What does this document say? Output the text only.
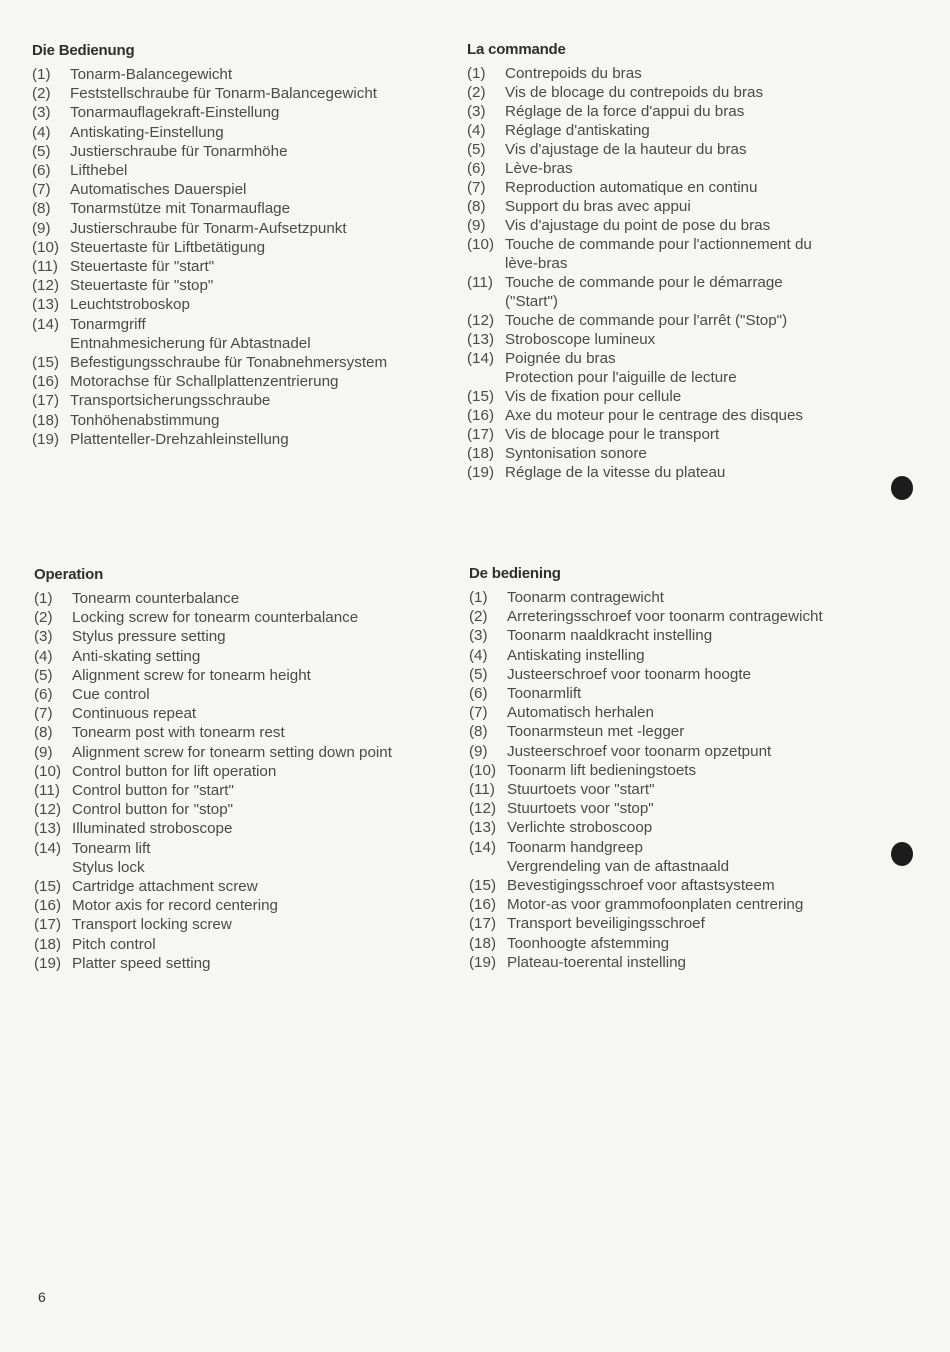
Die Bedienung
(1)	Tonarm-Balancegewicht
(2)	Feststellschraube für Tonarm-Balancegewicht
(3)	Tonarmauflagekraft-Einstellung
(4)	Antiskating-Einstellung
(5)	Justierschraube für Tonarmhöhe
(6)	Lifthebel
(7)	Automatisches Dauerspiel
(8)	Tonarmstütze mit Tonarmauflage
(9)	Justierschraube für Tonarm-Aufsetzpunkt
(10) Steuertaste für Liftbetätigung
(11) Steuertaste für "start"
(12) Steuertaste für "stop"
(13) Leuchtstroboskop
(14) Tonarmgriff
Entnahmesicherung für Abtastnadel
(15) Befestigungsschraube für Tonabnehmersystem
(16) Motorachse für Schallplattenzentrierung
(17) Transportsicherungsschraube
(18) Tonhöhenabstimmung
(19) Plattenteller-Drehzahleinstellung
La commande
(1)	Contrepoids du bras
(2)	Vis de blocage du contrepoids du bras
(3)	Réglage de la force d'appui du bras
(4)	Réglage d'antiskating
(5)	Vis d'ajustage de la hauteur du bras
(6)	Lève-bras
(7)	Reproduction automatique en continu
(8)	Support du bras avec appui
(9)	Vis d'ajustage du point de pose du bras
(10) Touche de commande pour l'actionnement du
lève-bras
(11) Touche de commande pour le démarrage
("Start")
(12) Touche de commande pour l'arrêt ("Stop")
(13) Stroboscope lumineux
(14) Poignée du bras
Protection pour l'aiguille de lecture
(15) Vis de fixation pour cellule
(16) Axe du moteur pour le centrage des disques
(17) Vis de blocage pour le transport
(18) Syntonisation sonore
(19) Réglage de la vitesse du plateau
Operation
(1)	Tonearm counterbalance
(2)	Locking screw for tonearm counterbalance
(3)	Stylus pressure setting
(4)	Anti-skating setting
(5)	Alignment screw for tonearm height
(6)	Cue control
(7)	Continuous repeat
(8)	Tonearm post with tonearm rest
(9)	Alignment screw for tonearm setting down point
(10) Control button for lift operation
(11) Control button for "start"
(12) Control button for "stop"
(13) Illuminated stroboscope
(14) Tonearm lift
Stylus lock
(15) Cartridge attachment screw
(16) Motor axis for record centering
(17) Transport locking screw
(18) Pitch control
(19) Platter speed setting
De bediening
(1)	Toonarm contragewicht
(2)	Arreteringsschroef voor toonarm contragewicht
(3)	Toonarm naaldkracht instelling
(4)	Antiskating instelling
(5)	Justeerschroef voor toonarm hoogte
(6)	Toonarmlift
(7)	Automatisch herhalen
(8)	Toonarmsteun met -legger
(9)	Justeerschroef voor toonarm opzetpunt
(10) Toonarm lift bedieningstoets
(11) Stuurtoets voor "start"
(12) Stuurtoets voor "stop"
(13) Verlichte stroboscoop
(14) Toonarm handgreep
Vergrendeling van de aftastnaald
(15) Bevestigingsschroef voor aftastsysteem
(16) Motor-as voor grammofoonplaten centrering
(17) Transport beveiligingsschroef
(18) Toonhoogte afstemming
(19) Plateau-toerental instelling
6
